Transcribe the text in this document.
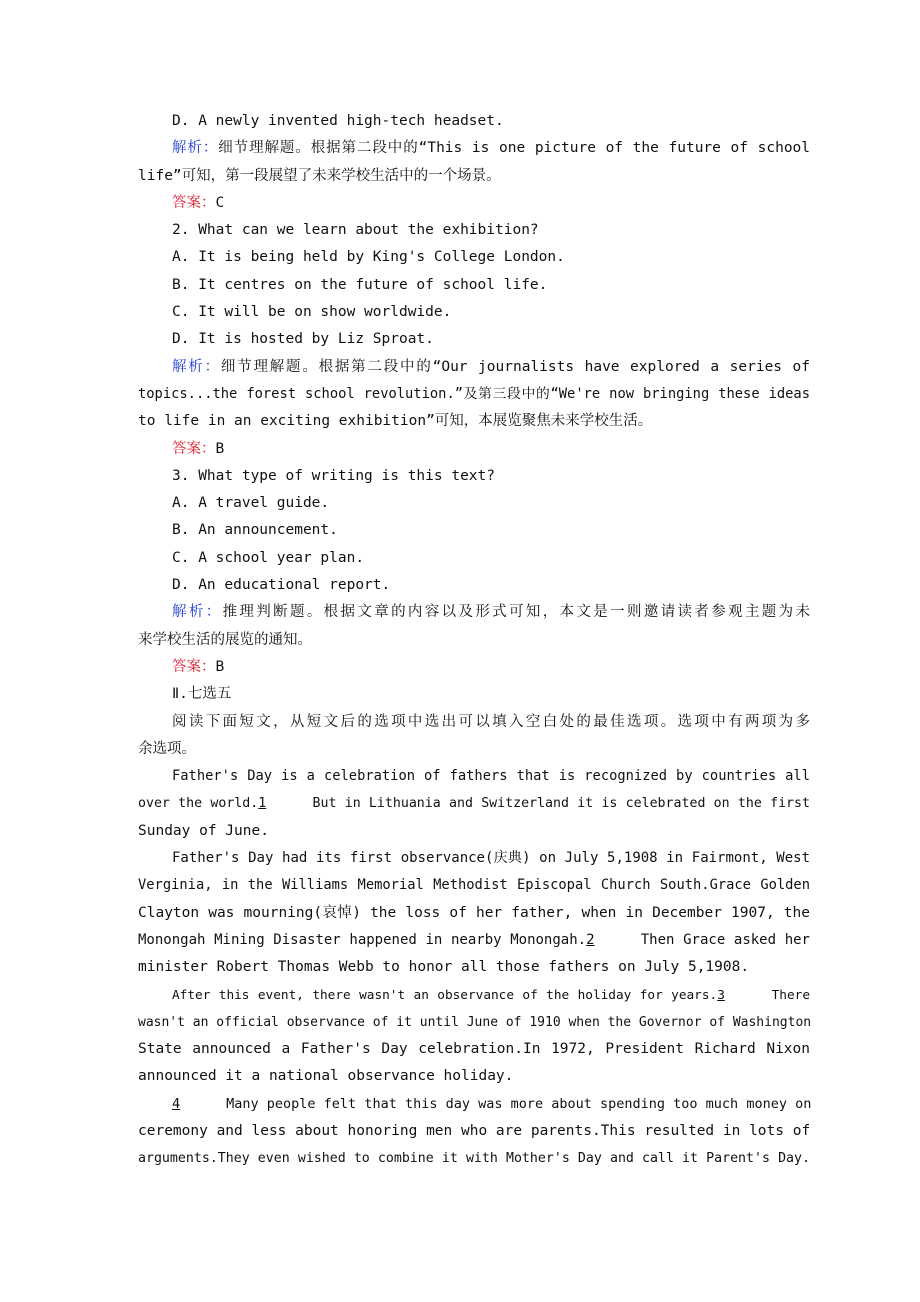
D. A newly invented high-tech headset.
解析：细节理解题。根据第二段中的“This is one picture of the future of school
life”可知，第一段展望了未来学校生活中的一个场景。
答案：C
2. What can we learn about the exhibition?
A. It is being held by King's College London.
B. It centres on the future of school life.
C. It will be on show worldwide.
D. It is hosted by Liz Sproat.
解析：细节理解题。根据第二段中的“Our journalists have explored a series of
topics...the forest school revolution.”及第三段中的“We're now bringing these ideas
to life in an exciting exhibition”可知，本展览聚焦未来学校生活。
答案：B
3. What type of writing is this text?
A. A travel guide.
B. An announcement.
C. A school year plan.
D. An educational report.
解析：推理判断题。根据文章的内容以及形式可知，本文是一则邀请读者参观主题为未
来学校生活的展览的通知。
答案：B
Ⅱ.七选五
阅读下面短文，从短文后的选项中选出可以填入空白处的最佳选项。选项中有两项为多
余选项。
Father's Day is a celebration of fathers that is recognized by countries all
over the world.1	But in Lithuania and Switzerland it is celebrated on the first
Sunday of June.
Father's Day had its first observance(庆典) on July 5,1908 in Fairmont, West
Verginia, in the Williams Memorial Methodist Episcopal Church South.Grace Golden
Clayton was mourning(哀悼) the loss of her father, when in December 1907, the
Monongah Mining Disaster happened in nearby Monongah.2	Then Grace asked her
minister Robert Thomas Webb to honor all those fathers on July 5,1908.
After this event, there wasn't an observance of the holiday for years.3	There
wasn't an official observance of it until June of 1910 when the Governor of Washington
State announced a Father's Day celebration.In 1972, President Richard Nixon
announced it a national observance holiday.
4	Many people felt that this day was more about spending too much money on
ceremony and less about honoring men who are parents.This resulted in lots of
arguments.They even wished to combine it with Mother's Day and call it Parent's Day.
